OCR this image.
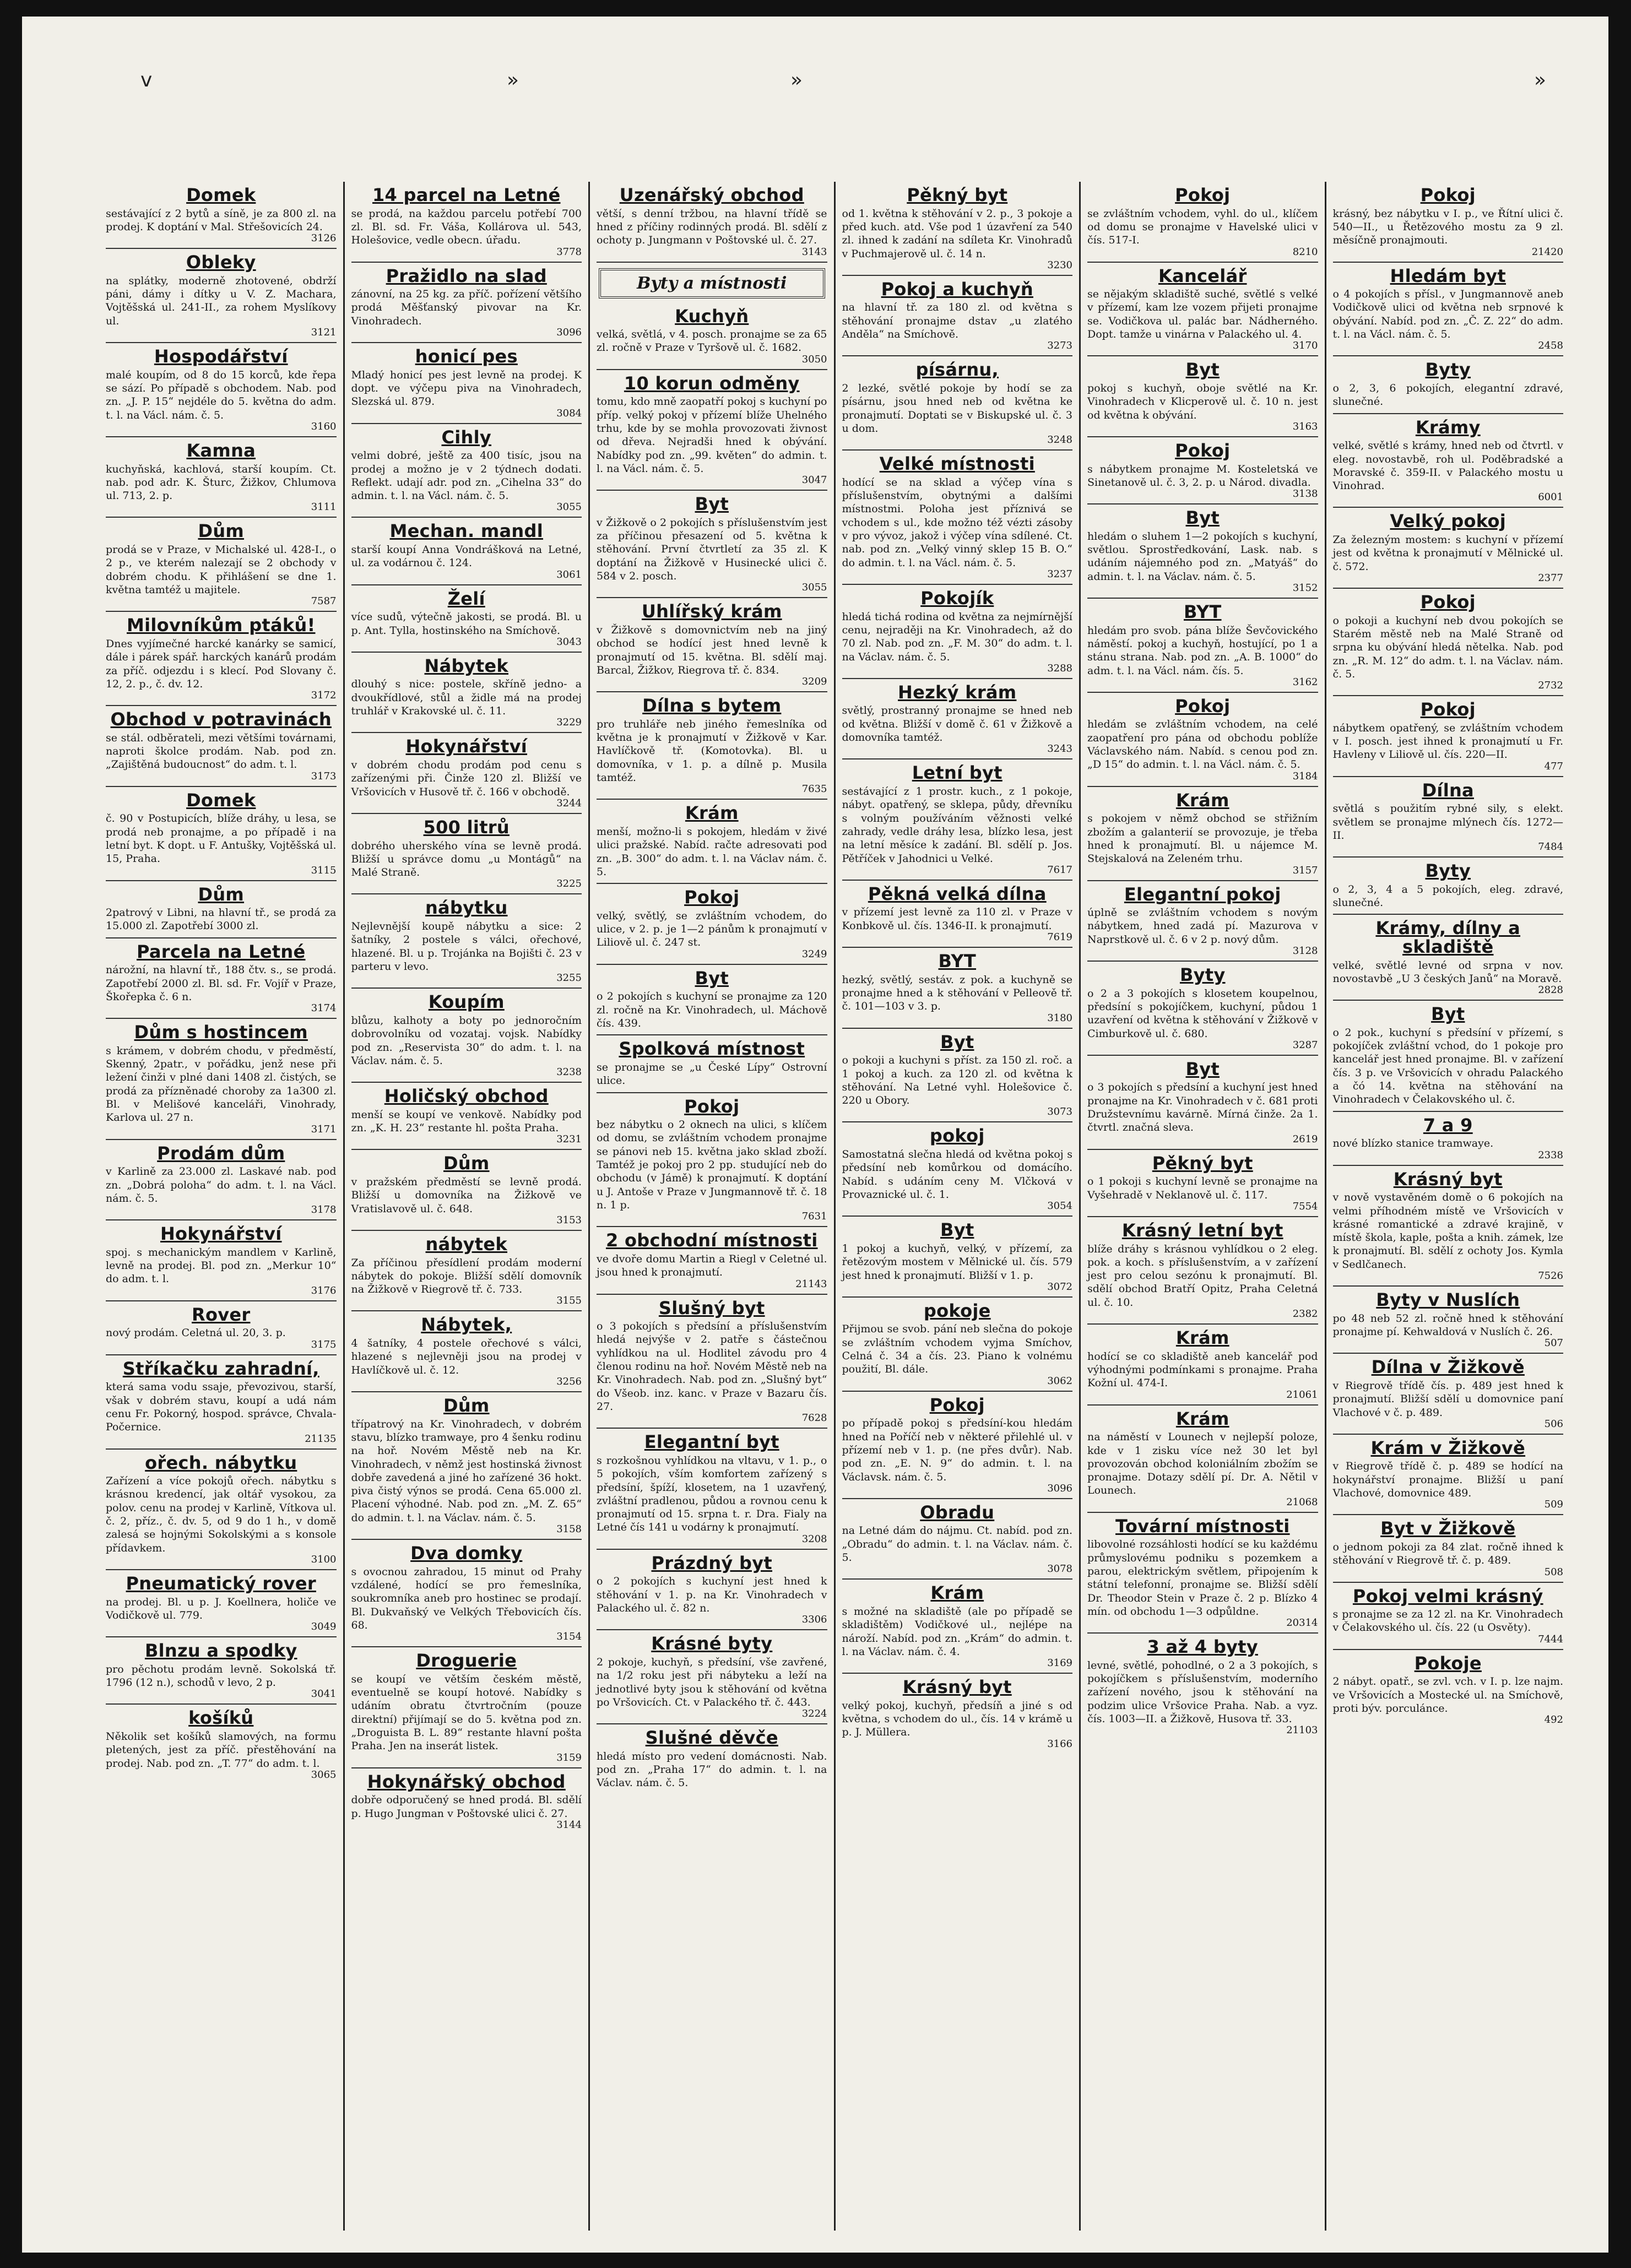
v	»	»	»
Domek
sestávající z 2 bytů a síně, je za 800 zl. na prodej. K doptání v Mal. Střešovicích 24.
3126
Obleky
na splátky, moderně zhotovené, obdrží páni, dámy i dítky u V. Z. Machara, Vojtěšská ul. 241-II., za rohem Myslíkovy ul.
3121
Hospodářství
malé koupím, od 8 do 15 korců, kde řepa se sází. Po případě s obchodem. Nab. pod zn. „J. P. 15“ nejdéle do 5. května do adm. t. l. na Václ. nám. č. 5.
3160
Kamna
kuchyňská, kachlová, starší koupím. Ct. nab. pod adr. K. Šturc, Žižkov, Chlumova ul. 713, 2. p.
3111
Dům
prodá se v Praze, v Michalské ul. 428-I., o 2 p., ve kterém nalezají se 2 obchody v dobrém chodu. K přihlášení se dne 1. května tamtéž u majitele.
7587
Milovníkům ptáků!
Dnes vyjímečné harcké kanárky se samicí, dále i párek spář. harckých kanárů prodám za příč. odjezdu i s klecí. Pod Slovany č. 12, 2. p., č. dv. 12.
3172
Obchod v potravinách
se stál. odběrateli, mezi většími továrnami, naproti školce prodám. Nab. pod zn. „Zajištěná budoucnost“ do adm. t. l.
3173
Domek
č. 90 v Postupicích, blíže dráhy, u lesa, se prodá neb pronajme, a po případě i na letní byt. K dopt. u F. Antušky, Vojtěšská ul. 15, Praha.
3115
Dům
2patrový v Libni, na hlavní tř., se prodá za 15.000 zl. Zapotřebí 3000 zl.
Parcela na Letné
nárožní, na hlavní tř., 188 čtv. s., se prodá. Zapotřebí 2000 zl. Bl. sd. Fr. Vojíř v Praze, Škořepka č. 6 n.
3174
Dům s hostincem
s krámem, v dobrém chodu, v předměstí, Skenný, 2patr., v pořádku, jenž nese při ležení činži v plné dani 1408 zl. čistých, se prodá za přízněnadé choroby za 1a300 zl. Bl. v Melišové kanceláři, Vinohrady, Karlova ul. 27 n.
3171
Prodám dům
v Karlině za 23.000 zl. Laskavé nab. pod zn. „Dobrá poloha“ do adm. t. l. na Václ. nám. č. 5.
3178
Hokynářství
spoj. s mechanickým mandlem v Karlině, levně na prodej. Bl. pod zn. „Merkur 10“ do adm. t. l.
3176
Rover
nový prodám. Celetná ul. 20, 3. p.
3175
Stříkačku zahradní,
která sama vodu ssaje, převozivou, starší, však v dobrém stavu, koupí a udá nám cenu Fr. Pokorný, hospod. správce, Chvala-Počernice.
21135
ořech. nábytku
Zařízení a více pokojů ořech. nábytku s krásnou kredencí, jak oltář vysokou, za polov. cenu na prodej v Karlině, Vítkova ul. č. 2, příz., č. dv. 5, od 9 do 1 h., v domě zalesá se hojnými Sokolskými a s konsole přídavkem.
3100
Pneumatický rover
na prodej. Bl. u p. J. Koellnera, holiče ve Vodičkově ul. 779.
3049
Blnzu a spodky
pro pěchotu prodám levně. Sokolská tř. 1796 (12 n.), schodů v levo, 2 p.
3041
košíků
Několik set košíků slamových, na formu pletených, jest za příč. přestěhování na prodej. Nab. pod zn. „T. 77“ do adm. t. l.
3065
14 parcel na Letné
se prodá, na každou parcelu potřebí 700 zl. Bl. sd. Fr. Váša, Kollárova ul. 543, Holešovice, vedle obecn. úřadu.
3778
Pražidlo na slad
zánovní, na 25 kg. za příč. pořízení většího prodá Měšťanský pivovar na Kr. Vinohradech.
3096
honicí pes
Mladý honicí pes jest levně na prodej. K dopt. ve výčepu piva na Vinohradech, Slezská ul. 879.
3084
Cihly
velmi dobré, ještě za 400 tisíc, jsou na prodej a možno je v 2 týdnech dodati. Reflekt. udají adr. pod zn. „Cihelna 33“ do admin. t. l. na Václ. nám. č. 5.
3055
Mechan. mandl
starší koupí Anna Vondrášková na Letné, ul. za vodárnou č. 124.
3061
Želí
více sudů, výtečně jakosti, se prodá. Bl. u p. Ant. Tylla, hostinského na Smíchově.
3043
Nábytek
dlouhý s nice: postele, skříně jedno- a dvoukřídlové, stůl a židle má na prodej truhlář v Krakovské ul. č. 11.
3229
Hokynářství
v dobrém chodu prodám pod cenu s zařízenými při. Činže 120 zl. Bližší ve Vršovicích v Husově tř. č. 166 v obchodě.
3244
500 litrů
dobrého uherského vína se levně prodá. Bližší u správce domu „u Montágů“ na Malé Straně.
3225
nábytku
Nejlevnější koupě nábytku a sice: 2 šatníky, 2 postele s válci, ořechové, hlazené. Bl. u p. Trojánka na Bojišti č. 23 v parteru v levo.
3255
Koupím
blůzu, kalhoty a boty po jednoročním dobrovolníku od vozataj. vojsk. Nabídky pod zn. „Reservista 30“ do adm. t. l. na Václav. nám. č. 5.
3238
Holičský obchod
menší se koupí ve venkově. Nabídky pod zn. „K. H. 23“ restante hl. pošta Praha.
3231
Dům
v pražském předměstí se levně prodá. Bližší u domovníka na Žižkově ve Vratislavově ul. č. 648.
3153
nábytek
Za příčinou přesídlení prodám moderní nábytek do pokoje. Bližší sdělí domovník na Žižkově v Riegrově tř. č. 733.
3155
Nábytek,
4 šatníky, 4 postele ořechové s válci, hlazené s nejlevněji jsou na prodej v Havlíčkově ul. č. 12.
3256
Dům
třípatrový na Kr. Vinohradech, v dobrém stavu, blízko tramwaye, pro 4 šenku rodinu na hoř. Novém Městě neb na Kr. Vinohradech, v němž jest hostinská živnost dobře zavedená a jiné ho zařízené 36 hokt. piva čistý výnos se prodá. Cena 65.000 zl. Placení výhodné. Nab. pod zn. „M. Z. 65“ do admin. t. l. na Václav. nám. č. 5.
3158
Dva domky
s ovocnou zahradou, 15 minut od Prahy vzdálené, hodící se pro řemeslníka, soukromníka aneb pro hostinec se prodají. Bl. Dukvaňský ve Velkých Třebovicích čís. 68.
3154
Droguerie
se koupí ve větším českém městě, eventuelně se koupí hotové. Nabídky s udáním obratu čtvrtročním (pouze direktní) přijímají se do 5. května pod zn. „Droguista B. L. 89“ restante hlavní pošta Praha. Jen na inserát listek.
3159
Hokynářský obchod
dobře odporučený se hned prodá. Bl. sdělí p. Hugo Jungman v Poštovské ulici č. 27.
3144
Uzenářský obchod
větší, s denní tržbou, na hlavní třídě se hned z příčiny rodinných prodá. Bl. sdělí z ochoty p. Jungmann v Poštovské ul. č. 27.
3143
Byty a místnosti
Kuchyň
velká, světlá, v 4. posch. pronajme se za 65 zl. ročně v Praze v Tyršově ul. č. 1682.
3050
10 korun odměny
tomu, kdo mně zaopatří pokoj s kuchyní po příp. velký pokoj v přízemí blíže Uhelného trhu, kde by se mohla provozovati živnost od dřeva. Nejradši hned k obývání. Nabídky pod zn. „99. květen“ do admin. t. l. na Václ. nám. č. 5.
3047
Byt
v Žižkově o 2 pokojích s příslušenstvím jest za příčinou přesazení od 5. května k stěhování. První čtvrtletí za 35 zl. K doptání na Žižkově v Husinecké ulici č. 584 v 2. posch.
3055
Uhlířský krám
v Žižkově s domovnictvím neb na jiný obchod se hodící jest hned levně k pronajmutí od 15. května. Bl. sdělí maj. Barcal, Žižkov, Riegrova tř. č. 834.
3209
Dílna s bytem
pro truhláře neb jiného řemeslníka od května je k pronajmutí v Žižkově v Kar. Havlíčkově tř. (Komotovka). Bl. u domovníka, v 1. p. a dílně p. Musila tamtéž.
7635
Krám
menší, možno-li s pokojem, hledám v živé ulici pražské. Nabíd. račte adresovati pod zn. „B. 300“ do adm. t. l. na Václav nám. č. 5.
Pokoj
velký, světlý, se zvláštním vchodem, do ulice, v 2. p. je 1—2 pánům k pronajmutí v Liliově ul. č. 247 st.
3249
Byt
o 2 pokojích s kuchyní se pronajme za 120 zl. ročně na Kr. Vinohradech, ul. Máchově čís. 439.
Spolková místnost
se pronajme se „u České Lípy“ Ostrovní ulice.
Pokoj
bez nábytku o 2 oknech na ulici, s klíčem od domu, se zvláštním vchodem pronajme se pánovi neb 15. května jako sklad zboží. Tamtéž je pokoj pro 2 pp. studující neb do obchodu (v Jámě) k pronajmutí. K doptání u J. Antoše v Praze v Jungmannově tř. č. 18 n. 1 p.
7631
2 obchodní místnosti
ve dvoře domu Martin a Riegl v Celetné ul. jsou hned k pronajmutí.
21143
Slušný byt
o 3 pokojích s předsíní a příslušenstvím hledá nejvýše v 2. patře s částečnou vyhlídkou na ul. Hodlitel závodu pro 4 členou rodinu na hoř. Novém Městě neb na Kr. Vinohradech. Nab. pod zn. „Slušný byt“ do Všeob. inz. kanc. v Praze v Bazaru čís. 27.
7628
Elegantní byt
s rozkošnou vyhlídkou na vltavu, v 1. p., o 5 pokojích, vším komfortem zařízený s předsíní, špíží, klosetem, na 1 uzavřený, zvláštní pradlenou, půdou a rovnou cenu k pronajmutí od 15. srpna t. r. Dra. Fialy na Letné čís 141 u vodárny k pronajmutí.
3208
Prázdný byt
o 2 pokojích s kuchyní jest hned k stěhování v 1. p. na Kr. Vinohradech v Palackého ul. č. 82 n.
3306
Krásné byty
2 pokoje, kuchyň, s předsíní, vše zavřené, na 1/2 roku jest při nábyteku a leží na jednotlivé byty jsou k stěhování od května po Vršovicích. Ct. v Palackého tř. č. 443.
3224
Slušné děvče
hledá místo pro vedení domácnosti. Nab. pod zn. „Praha 17“ do admin. t. l. na Václav. nám. č. 5.
Pěkný byt
od 1. května k stěhování v 2. p., 3 pokoje a před kuch. atd. Vše pod 1 úzavření za 540 zl. ihned k zadání na sdíleta Kr. Vinohradů v Puchmajerově ul. č. 14 n.
3230
Pokoj a kuchyň
na hlavní tř. za 180 zl. od května s stěhování pronajme dstav „u zlatého Anděla“ na Smíchově.
3273
písárnu,
2 lezké, světlé pokoje by hodí se za písárnu, jsou hned neb od května ke pronajmutí. Doptati se v Biskupské ul. č. 3 u dom.
3248
Velké místnosti
hodící se na sklad a výčep vína s příslušenstvím, obytnými a dalšími místnostmi. Poloha jest příznivá se vchodem s ul., kde možno též vézti zásoby v pro vývoz, jakož i výčep vína sdílené. Ct. nab. pod zn. „Velký vinný sklep 15 B. O.“ do admin. t. l. na Václ. nám. č. 5.
3237
Pokojík
hledá tichá rodina od května za nejmírnější cenu, nejraději na Kr. Vinohradech, až do 70 zl. Nab. pod zn. „F. M. 30“ do adm. t. l. na Václav. nám. č. 5.
3288
Hezký krám
světlý, prostranný pronajme se hned neb od května. Bližší v domě č. 61 v Žižkově a domovníka tamtéž.
3243
Letní byt
sestávající z 1 prostr. kuch., z 1 pokoje, nábyt. opatřený, se sklepa, půdy, dřevníku s volným používáním věžnosti velké zahrady, vedle dráhy lesa, blízko lesa, jest na letní měsíce k zadání. Bl. sdělí p. Jos. Pětříček v Jahodnici u Velké.
7617
Pěkná velká dílna
v přízemí jest levně za 110 zl. v Praze v Konbkově ul. čís. 1346-II. k pronajmutí.
7619
BYT
hezký, světlý, sestáv. z pok. a kuchyně se pronajme hned a k stěhování v Pelleově tř. č. 101—103 v 3. p.
3180
Byt
o pokoji a kuchyni s příst. za 150 zl. roč. a 1 pokoj a kuch. za 120 zl. od května k stěhování. Na Letné vyhl. Holešovice č. 220 u Obory.
3073
pokoj
Samostatná slečna hledá od května pokoj s předsíní neb komůrkou od domácího. Nabíd. s udáním ceny M. Vlčková v Provaznické ul. č. 1.
3054
Byt
1 pokoj a kuchyň, velký, v přízemí, za řetězovým mostem v Mělnické ul. čís. 579 jest hned k pronajmutí. Bližší v 1. p.
3072
pokoje
Přijmou se svob. pání neb slečna do pokoje se zvláštním vchodem vyjma Smíchov, Celná č. 34 a čís. 23. Piano k volnému použití, Bl. dále.
3062
Pokoj
po případě pokoj s předsíní-kou hledám hned na Poříčí neb v některé přilehlé ul. v přízemí neb v 1. p. (ne přes dvůr). Nab. pod zn. „E. N. 9“ do admin. t. l. na Václavsk. nám. č. 5.
3096
Obradu
na Letné dám do nájmu. Ct. nabíd. pod zn. „Obradu“ do admin. t. l. na Václav. nám. č. 5.
3078
Krám
s možné na skladiště (ale po případě se skladištěm) Vodičkové ul., nejlépe na nároží. Nabíd. pod zn. „Krám“ do admin. t. l. na Václav. nám. č. 4.
3169
Krásný byt
velký pokoj, kuchyň, předsíň a jiné s od května, s vchodem do ul., čís. 14 v krámě u p. J. Müllera.
3166
Pokoj
se zvláštním vchodem, vyhl. do ul., klíčem od domu se pronajme v Havelské ulici v čís. 517-I.
8210
Kancelář
se nějakým skladiště suché, světlé s velké v přízemí, kam lze vozem přijeti pronajme se. Vodičkova ul. palác bar. Nádherného. Dopt. tamže u vinárna v Palackého ul. 4.
3170
Byt
pokoj s kuchyň, oboje světlé na Kr. Vinohradech v Klicperově ul. č. 10 n. jest od května k obývání.
3163
Pokoj
s nábytkem pronajme M. Kosteletská ve Sinetanově ul. č. 3, 2. p. u Národ. divadla.
3138
Byt
hledám o sluhem 1—2 pokojích s kuchyní, světlou. Sprostředkování, Lask. nab. s udáním nájemného pod zn. „Matyáš“ do admin. t. l. na Václav. nám. č. 5.
3152
BYT
hledám pro svob. pána blíže Ševčovického náměstí. pokoj a kuchyň, hostující, po 1 a stánu strana. Nab. pod zn. „A. B. 1000“ do adm. t. l. na Václ. nám. čís. 5.
3162
Pokoj
hledám se zvláštním vchodem, na celé zaopatření pro pána od obchodu poblíže Václavského nám. Nabíd. s cenou pod zn. „D 15“ do admin. t. l. na Václ. nám. č. 5.
3184
Krám
s pokojem v němž obchod se střižním zbožím a galanterií se provozuje, je třeba hned k pronajmutí. Bl. u nájemce M. Stejskalová na Zeleném trhu.
3157
Elegantní pokoj
úplně se zvláštním vchodem s novým nábytkem, hned zadá pí. Mazurova v Naprstkově ul. č. 6 v 2 p. nový dům.
3128
Byty
o 2 a 3 pokojích s klosetem koupelnou, předsíní s pokojíčkem, kuchyní, půdou 1 uzavření od května k stěhování v Žižkově v Cimburkově ul. č. 680.
3287
Byt
o 3 pokojích s předsíní a kuchyní jest hned pronajme na Kr. Vinohradech v č. 681 proti Družstevnímu kavárně. Mírná činže. 2a 1. čtvrtl. značná sleva.
2619
Pěkný byt
o 1 pokoji s kuchyní levně se pronajme na Vyšehradě v Neklanově ul. č. 117.
7554
Krásný letní byt
blíže dráhy s krásnou vyhlídkou o 2 eleg. pok. a koch. s příslušenstvím, a v zařízení jest pro celou sezónu k pronajmutí. Bl. sdělí obchod Bratří Opitz, Praha Celetná ul. č. 10.
2382
Krám
hodící se co skladiště aneb kancelář pod výhodnými podmínkami s pronajme. Praha Kožní ul. 474-I.
21061
Krám
na náměstí v Lounech v nejlepší poloze, kde v 1 zisku více než 30 let byl provozován obchod koloniálním zbožím se pronajme. Dotazy sdělí pí. Dr. A. Nětil v Lounech.
21068
Tovární místnosti
libovolné rozsáhlosti hodící se ku každému průmyslovému podniku s pozemkem a parou, elektrickým světlem, připojením k státní telefonní, pronajme se. Bližší sdělí Dr. Theodor Stein v Praze č. 2 p. Blízko 4 mín. od obchodu 1—3 odpůldne.
20314
3 až 4 byty
levné, světlé, pohodlné, o 2 a 3 pokojích, s pokojíčkem s příslušenstvím, moderního zařízení nového, jsou k stěhování na podzim ulice Vršovice Praha. Nab. a vyz. čís. 1003—II. a Žižkově, Husova tř. 33.
21103
Pokoj
krásný, bez nábytku v I. p., ve Řítní ulici č. 540—II., u Řetězového mostu za 9 zl. měsíčně pronajmouti.
21420
Hledám byt
o 4 pokojích s přísl., v Jungmannově aneb Vodičkově ulici od května neb srpnové k obývání. Nabíd. pod zn. „Č. Z. 22“ do adm. t. l. na Václ. nám. č. 5.
2458
Byty
o 2, 3, 6 pokojích, elegantní zdravé, slunečné.
Krámy
velké, světlé s krámy, hned neb od čtvrtl. v eleg. novostavbě, roh ul. Poděbradské a Moravské č. 359-II. v Palackého mostu u Vinohrad.
6001
Velký pokoj
Za železným mostem: s kuchyní v přízemí jest od května k pronajmutí v Mělnické ul. č. 572.
2377
Pokoj
o pokoji a kuchyní neb dvou pokojích se Starém městě neb na Malé Straně od srpna ku obývání hledá nětelka. Nab. pod zn. „R. M. 12“ do adm. t. l. na Václav. nám. č. 5.
2732
Pokoj
nábytkem opatřený, se zvláštním vchodem v I. posch. jest ihned k pronajmutí u Fr. Havleny v Liliově ul. čís. 220—II.
477
Dílna
světlá s použitím rybné sily, s elekt. světlem se pronajme mlýnech čís. 1272—II.
7484
Byty
o 2, 3, 4 a 5 pokojích, eleg. zdravé, slunečné.
Krámy, dílny a skladiště
velké, světlé levné od srpna v nov. novostavbě „U 3 českých Janů“ na Moravě.
2828
Byt
o 2 pok., kuchyní s předsíní v přízemí, s pokojíček zvláštní vchod, do 1 pokoje pro kancelář jest hned pronajme. Bl. v zařízení čís. 3 p. ve Vršovicích v ohradu Palackého a čó 14. května na stěhování na Vinohradech v Čelakovského ul. č.
7 a 9
nové blízko stanice tramwaye.
2338
Krásný byt
v nově vystavěném domě o 6 pokojích na velmi příhodném místě ve Vršovicích v krásné romantické a zdravé krajině, v místě škola, kaple, pošta a knih. zámek, lze k pronajmutí. Bl. sdělí z ochoty Jos. Kymla v Sedlčanech.
7526
Byty v Nuslích
po 48 neb 52 zl. ročně hned k stěhování pronajme pí. Kehwaldová v Nuslích č. 26.
507
Dílna v Žižkově
v Riegrově třídě čís. p. 489 jest hned k pronajmutí. Bližší sdělí u domovnice paní Vlachové v č. p. 489.
506
Krám v Žižkově
v Riegrově třídě č. p. 489 se hodící na hokynářství pronajme. Bližší u paní Vlachové, domovnice 489.
509
Byt v Žižkově
o jednom pokoji za 84 zlat. ročně ihned k stěhování v Riegrově tř. č. p. 489.
508
Pokoj velmi krásný
s pronajme se za 12 zl. na Kr. Vinohradech v Čelakovského ul. čís. 22 (u Osvěty).
7444
Pokoje
2 nábyt. opatř., se zvl. vch. v I. p. lze najm. ve Vršovicích a Mostecké ul. na Smíchově, proti býv. porculánce.
492
